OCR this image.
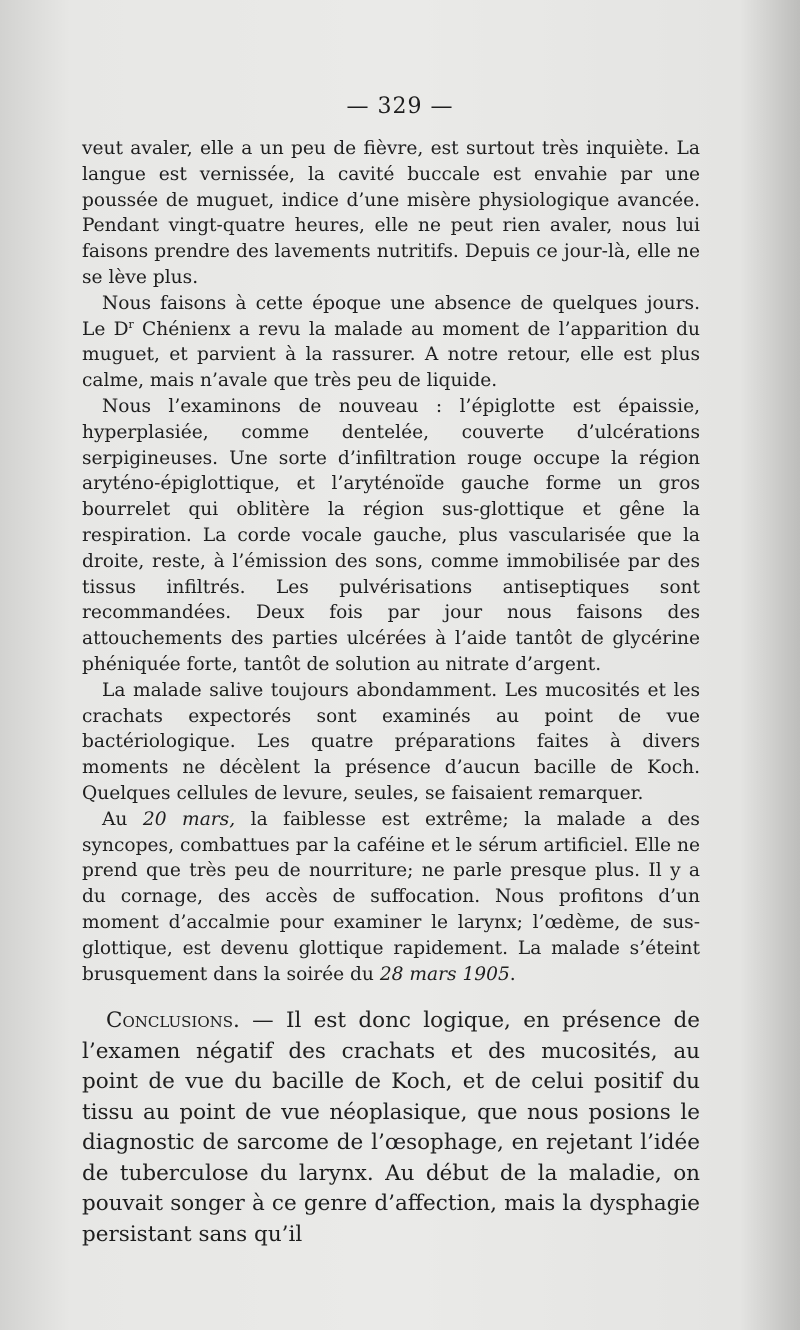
— 329 —

veut avaler, elle a un peu de fièvre, est surtout très inquiète. La langue est vernissée, la cavité buccale est envahie par une poussée de muguet, indice d’une misère physiologique avancée. Pendant vingt-quatre heures, elle ne peut rien avaler, nous lui faisons prendre des lavements nutritifs. Depuis ce jour-là, elle ne se lève plus.

Nous faisons à cette époque une absence de quelques jours. Le $D^r$ Chénienx a revu la malade au moment de l’apparition du muguet, et parvient à la rassurer. A notre retour, elle est plus calme, mais n’avale que très peu de liquide.

Nous l’examinons de nouveau : l’épiglotte est épaissie, hyperplasiée, comme dentelée, couverte d’ulcérations serpigineuses. Une sorte d’infiltration rouge occupe la région aryténo-épiglottique, et l’aryténoïde gauche forme un gros bourrelet qui oblitère la région sus-glottique et gêne la respiration. La corde vocale gauche, plus vascularisée que la droite, reste, à l’émission des sons, comme immobilisée par des tissus infiltrés. Les pulvérisations antiseptiques sont recommandées. Deux fois par jour nous faisons des attouchements des parties ulcérées à l’aide tantôt de glycérine phéniquée forte, tantôt de solution au nitrate d’argent.

La malade salive toujours abondamment. Les mucosités et les crachats expectorés sont examinés au point de vue bactériologique. Les quatre préparations faites à divers moments ne décèlent la présence d’aucun bacille de Koch. Quelques cellules de levure, seules, se faisaient remarquer.

Au 20 mars, la faiblesse est extrême; la malade a des syncopes, combattues par la caféine et le sérum artificiel. Elle ne prend que très peu de nourriture; ne parle presque plus. Il y a du cornage, des accès de suffocation. Nous profitons d’un moment d’accalmie pour examiner le larynx; l’œdème, de sus-glottique, est devenu glottique rapidement. La malade s’éteint brusquement dans la soirée du 28 mars 1905.

Conclusions. — Il est donc logique, en présence de l’examen négatif des crachats et des mucosités, au point de vue du bacille de Koch, et de celui positif du tissu au point de vue néoplasique, que nous posions le diagnostic de sarcome de l’œsophage, en rejetant l’idée de tuberculose du larynx. Au début de la maladie, on pouvait songer à ce genre d’affection, mais la dysphagie persistant sans qu’il
